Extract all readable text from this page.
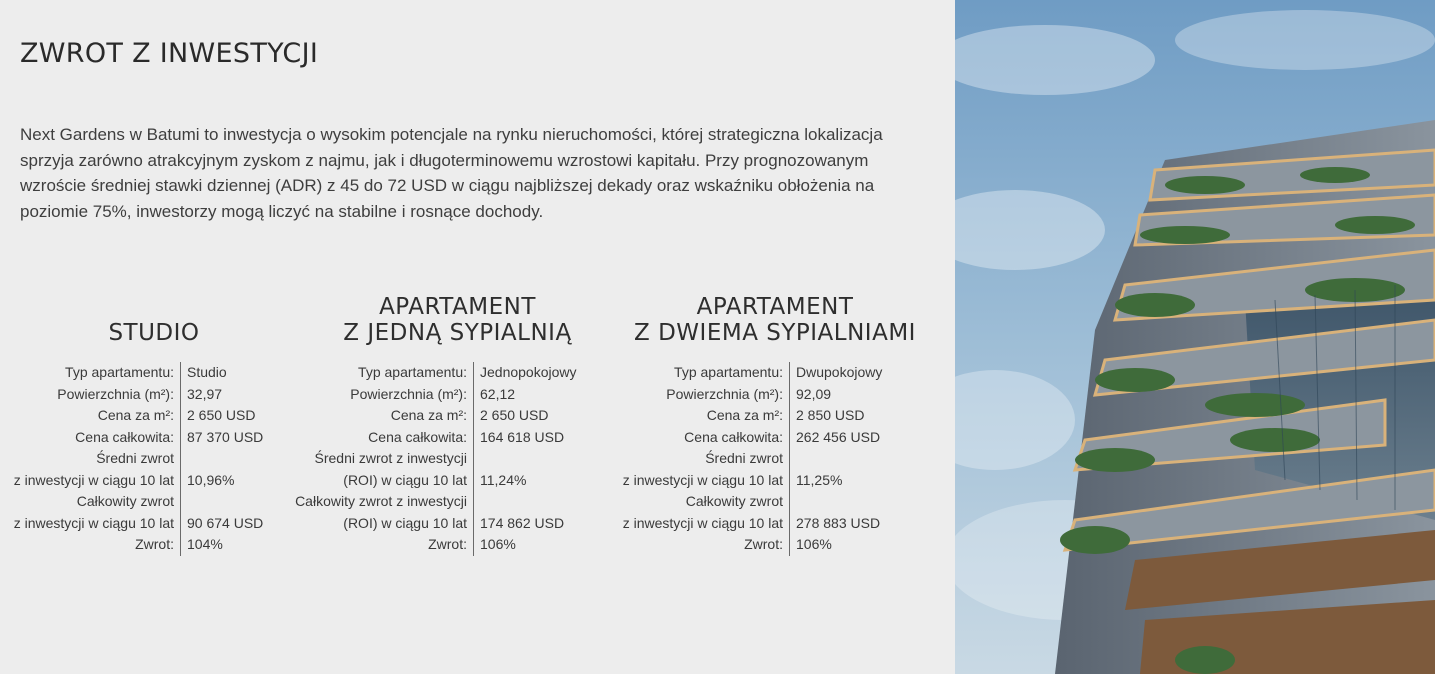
ZWROT Z INWESTYCJI

Next Gardens w Batumi to inwestycja o wysokim potencjale na rynku nieruchomości, której strategiczna lokalizacja sprzyja zarówno atrakcyjnym zyskom z najmu, jak i długoterminowemu wzrostowi kapitału. Przy prognozowanym wzroście średniej stawki dziennej (ADR) z 45 do 72 USD w ciągu najbliższej dekady oraz wskaźniku obłożenia na poziomie 75%, inwestorzy mogą liczyć na stabilne i rosnące dochody.

STUDIO
Typ apartamentu:
Powierzchnia (m²):
Cena za m²:
Cena całkowita:
Średni zwrot
z inwestycji w ciągu 10 lat
Całkowity zwrot
z inwestycji w ciągu 10 lat
Zwrot:
Studio
32,97
2 650 USD
87 370 USD
10,96%
90 674 USD
104%
APARTAMENT
Z JEDNĄ SYPIALNIĄ
Typ apartamentu:
Powierzchnia (m²):
Cena za m²:
Cena całkowita:
Średni zwrot z inwestycji
(ROI) w ciągu 10 lat
Całkowity zwrot z inwestycji
(ROI) w ciągu 10 lat
Zwrot:
Jednopokojowy
62,12
2 650 USD
164 618 USD
11,24%
174 862 USD
106%
APARTAMENT
Z DWIEMA SYPIALNIAMI
Typ apartamentu:
Powierzchnia (m²):
Cena za m²:
Cena całkowita:
Średni zwrot
z inwestycji w ciągu 10 lat
Całkowity zwrot
z inwestycji w ciągu 10 lat
Zwrot:
Dwupokojowy
92,09
2 850 USD
262 456 USD
11,25%
278 883 USD
106%
